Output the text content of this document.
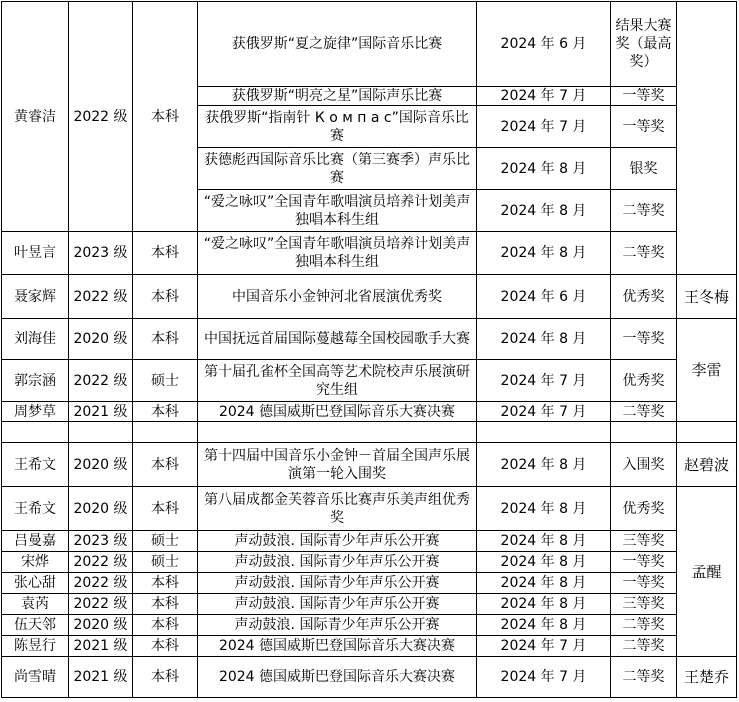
黄睿洁	2022 级	本科	获俄罗斯“夏之旋律”国际音乐比赛	2024 年 6 月	结果大赛奖（最高奖）	
			获俄罗斯“明亮之星”国际声乐比赛	2024 年 7 月	一等奖	
			获俄罗斯“指南针 К о м п а с”国际音乐比赛	2024 年 7 月	一等奖	
			获德彪西国际音乐比赛（第三赛季）声乐比赛	2024 年 8 月	银奖	
			“爱之咏叹”全国青年歌唱演员培养计划美声独唱本科生组	2024 年 8 月	二等奖	
叶昱言	2023 级	本科	“爱之咏叹”全国青年歌唱演员培养计划美声独唱本科生组	2024 年 8 月	二等奖	
聂家辉	2022 级	本科	中国音乐小金钟河北省展演优秀奖	2024 年 6 月	优秀奖	王冬梅
刘海佳	2020 级	本科	中国抚远首届国际蔓越莓全国校园歌手大赛	2024 年 8 月	一等奖	李雷
郭宗涵	2022 级	硕士	第十届孔雀杯全国高等艺术院校声乐展演研究生组	2024 年 7 月	优秀奖	
周梦草	2021 级	本科	2024 德国威斯巴登国际音乐大赛决赛	2024 年 7 月	二等奖	

王希文	2020 级	本科	第十四届中国音乐小金钟－首届全国声乐展演第一轮入围奖	2024 年 8 月	入围奖	赵碧波
王希文	2020 级	本科	第八届成都金芙蓉音乐比赛声乐美声组优秀奖	2024 年 8 月	优秀奖	孟醒
吕曼嘉	2023 级	硕士	声动鼓浪. 国际青少年声乐公开赛	2024 年 8 月	三等奖	
宋烨	2022 级	硕士	声动鼓浪. 国际青少年声乐公开赛	2024 年 8 月	一等奖	
张心甜	2022 级	本科	声动鼓浪. 国际青少年声乐公开赛	2024 年 8 月	一等奖	
袁芮	2022 级	本科	声动鼓浪. 国际青少年声乐公开赛	2024 年 8 月	三等奖	
伍天邻	2020 级	本科	声动鼓浪. 国际青少年声乐公开赛	2024 年 8 月	二等奖	
陈昱行	2021 级	本科	2024 德国威斯巴登国际音乐大赛决赛	2024 年 7 月	二等奖	
尚雪晴	2021 级	本科	2024 德国威斯巴登国际音乐大赛决赛	2024 年 7 月	二等奖	王楚乔
